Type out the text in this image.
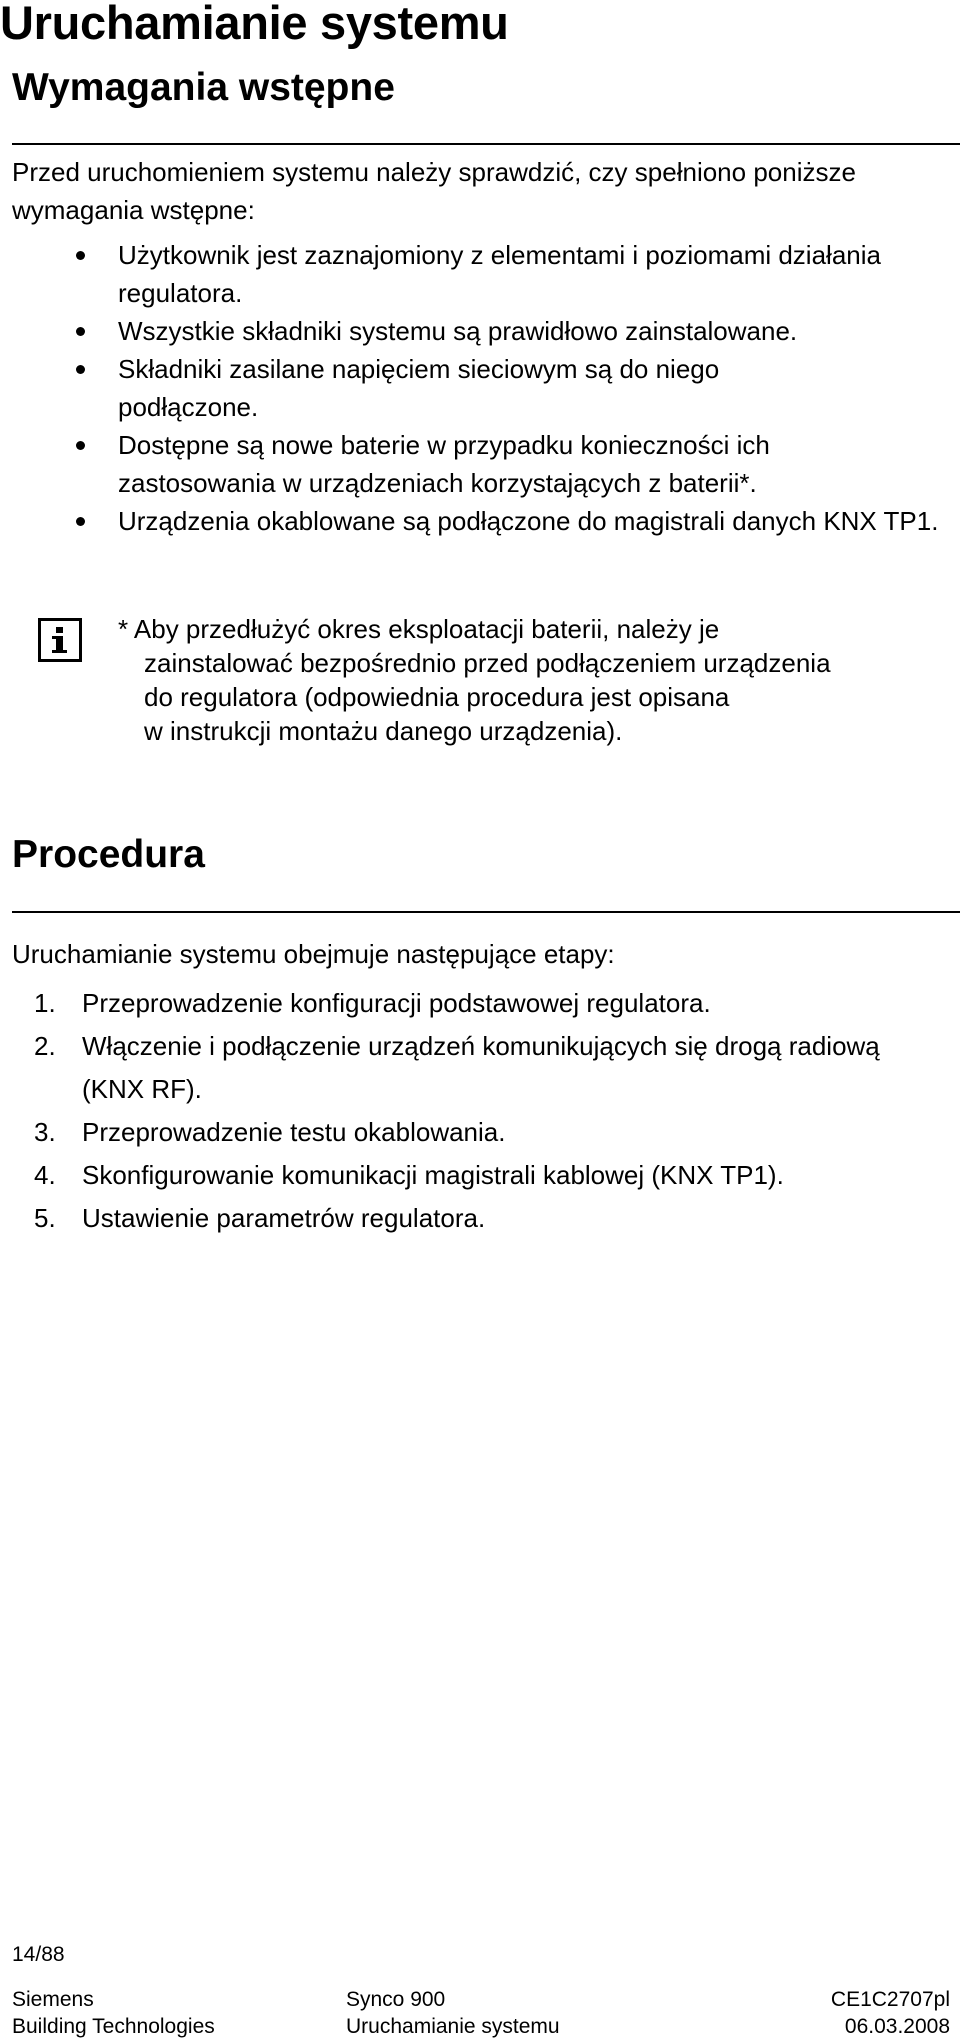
Uruchamianie systemu
Wymagania wstępne
Przed uruchomieniem systemu należy sprawdzić, czy spełniono poniższe wymagania wstępne:
Użytkownik jest zaznajomiony z elementami i poziomami działania regulatora.
Wszystkie składniki systemu są prawidłowo zainstalowane.
Składniki zasilane napięciem sieciowym są do niego podłączone.
Dostępne są nowe baterie w przypadku konieczności ich zastosowania w urządzeniach korzystających z baterii*.
Urządzenia okablowane są podłączone do magistrali danych KNX TP1.
* Aby przedłużyć okres eksploatacji baterii, należy je
zainstalować bezpośrednio przed podłączeniem urządzenia
do regulatora (odpowiednia procedura jest opisana
w instrukcji montażu danego urządzenia).
Procedura
Uruchamianie systemu obejmuje następujące etapy:
1. Przeprowadzenie konfiguracji podstawowej regulatora.
2. Włączenie i podłączenie urządzeń komunikujących się drogą radiową (KNX RF).
3. Przeprowadzenie testu okablowania.
4. Skonfigurowanie komunikacji magistrali kablowej (KNX TP1).
5. Ustawienie parametrów regulatora.
14/88
Siemens
Building Technologies
Synco 900
Uruchamianie systemu
CE1C2707pl
06.03.2008
